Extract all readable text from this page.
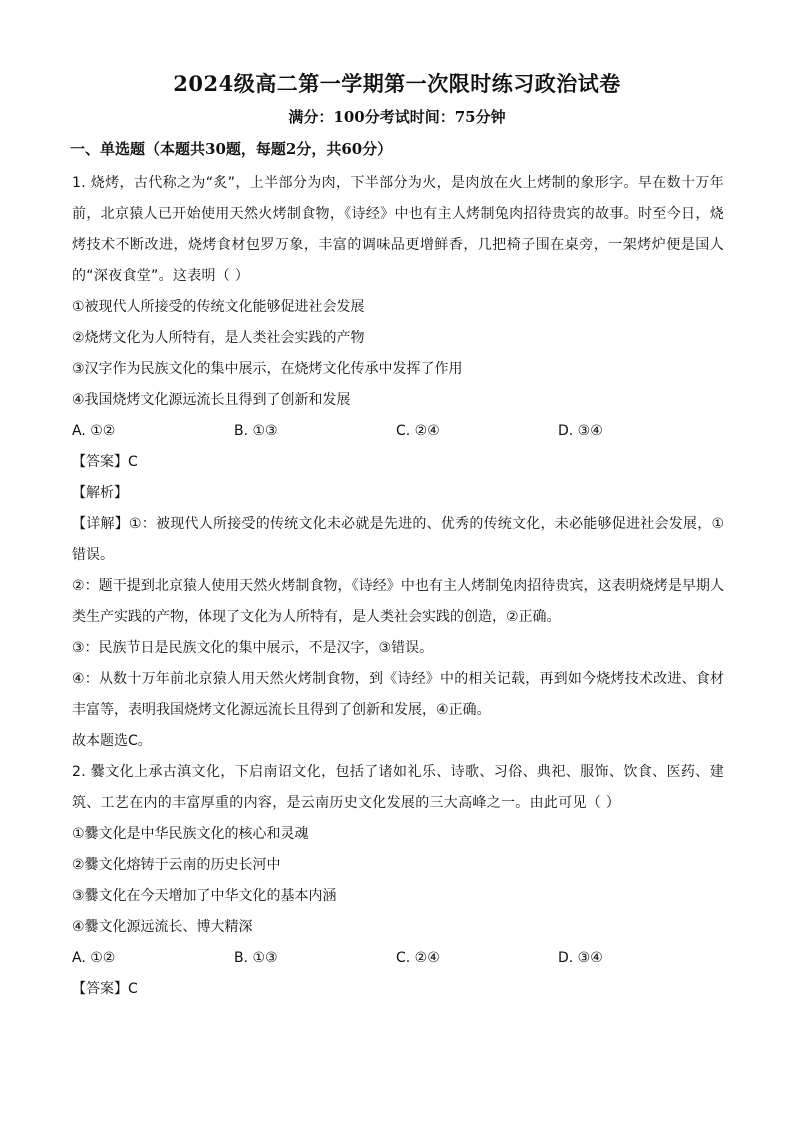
2024级高二第一学期第一次限时练习政治试卷
满分：100分考试时间：75分钟
一、单选题（本题共30题，每题2分，共60分）

1. 烧烤，古代称之为“炙”，上半部分为肉，下半部分为火，是肉放在火上烤制的象形字。早在数十万年前，北京猿人已开始使用天然火烤制食物，《诗经》中也有主人烤制兔肉招待贵宾的故事。时至今日，烧烤技术不断改进，烧烤食材包罗万象，丰富的调味品更增鲜香，几把椅子围在桌旁，一架烤炉便是国人的“深夜食堂”。这表明（ ）

①被现代人所接受的传统文化能够促进社会发展

②烧烤文化为人所特有，是人类社会实践的产物

③汉字作为民族文化的集中展示，在烧烤文化传承中发挥了作用

④我国烧烤文化源远流长且得到了创新和发展

A. ①②	B. ①③	C. ②④	D. ③④

【答案】C

【解析】

【详解】①：被现代人所接受的传统文化未必就是先进的、优秀的传统文化，未必能够促进社会发展，①错误。

②：题干提到北京猿人使用天然火烤制食物，《诗经》中也有主人烤制兔肉招待贵宾，这表明烧烤是早期人类生产实践的产物，体现了文化为人所特有，是人类社会实践的创造，②正确。

③：民族节日是民族文化的集中展示，不是汉字，③错误。

④：从数十万年前北京猿人用天然火烤制食物，到《诗经》中的相关记载，再到如今烧烤技术改进、食材丰富等，表明我国烧烤文化源远流长且得到了创新和发展，④正确。

故本题选C。

2. 爨文化上承古滇文化，下启南诏文化，包括了诸如礼乐、诗歌、习俗、典祀、服饰、饮食、医药、建筑、工艺在内的丰富厚重的内容，是云南历史文化发展的三大高峰之一。由此可见（ ）

①爨文化是中华民族文化的核心和灵魂

②爨文化熔铸于云南的历史长河中

③爨文化在今天增加了中华文化的基本内涵

④爨文化源远流长、博大精深

A. ①②	B. ①③	C. ②④	D. ③④

【答案】C
